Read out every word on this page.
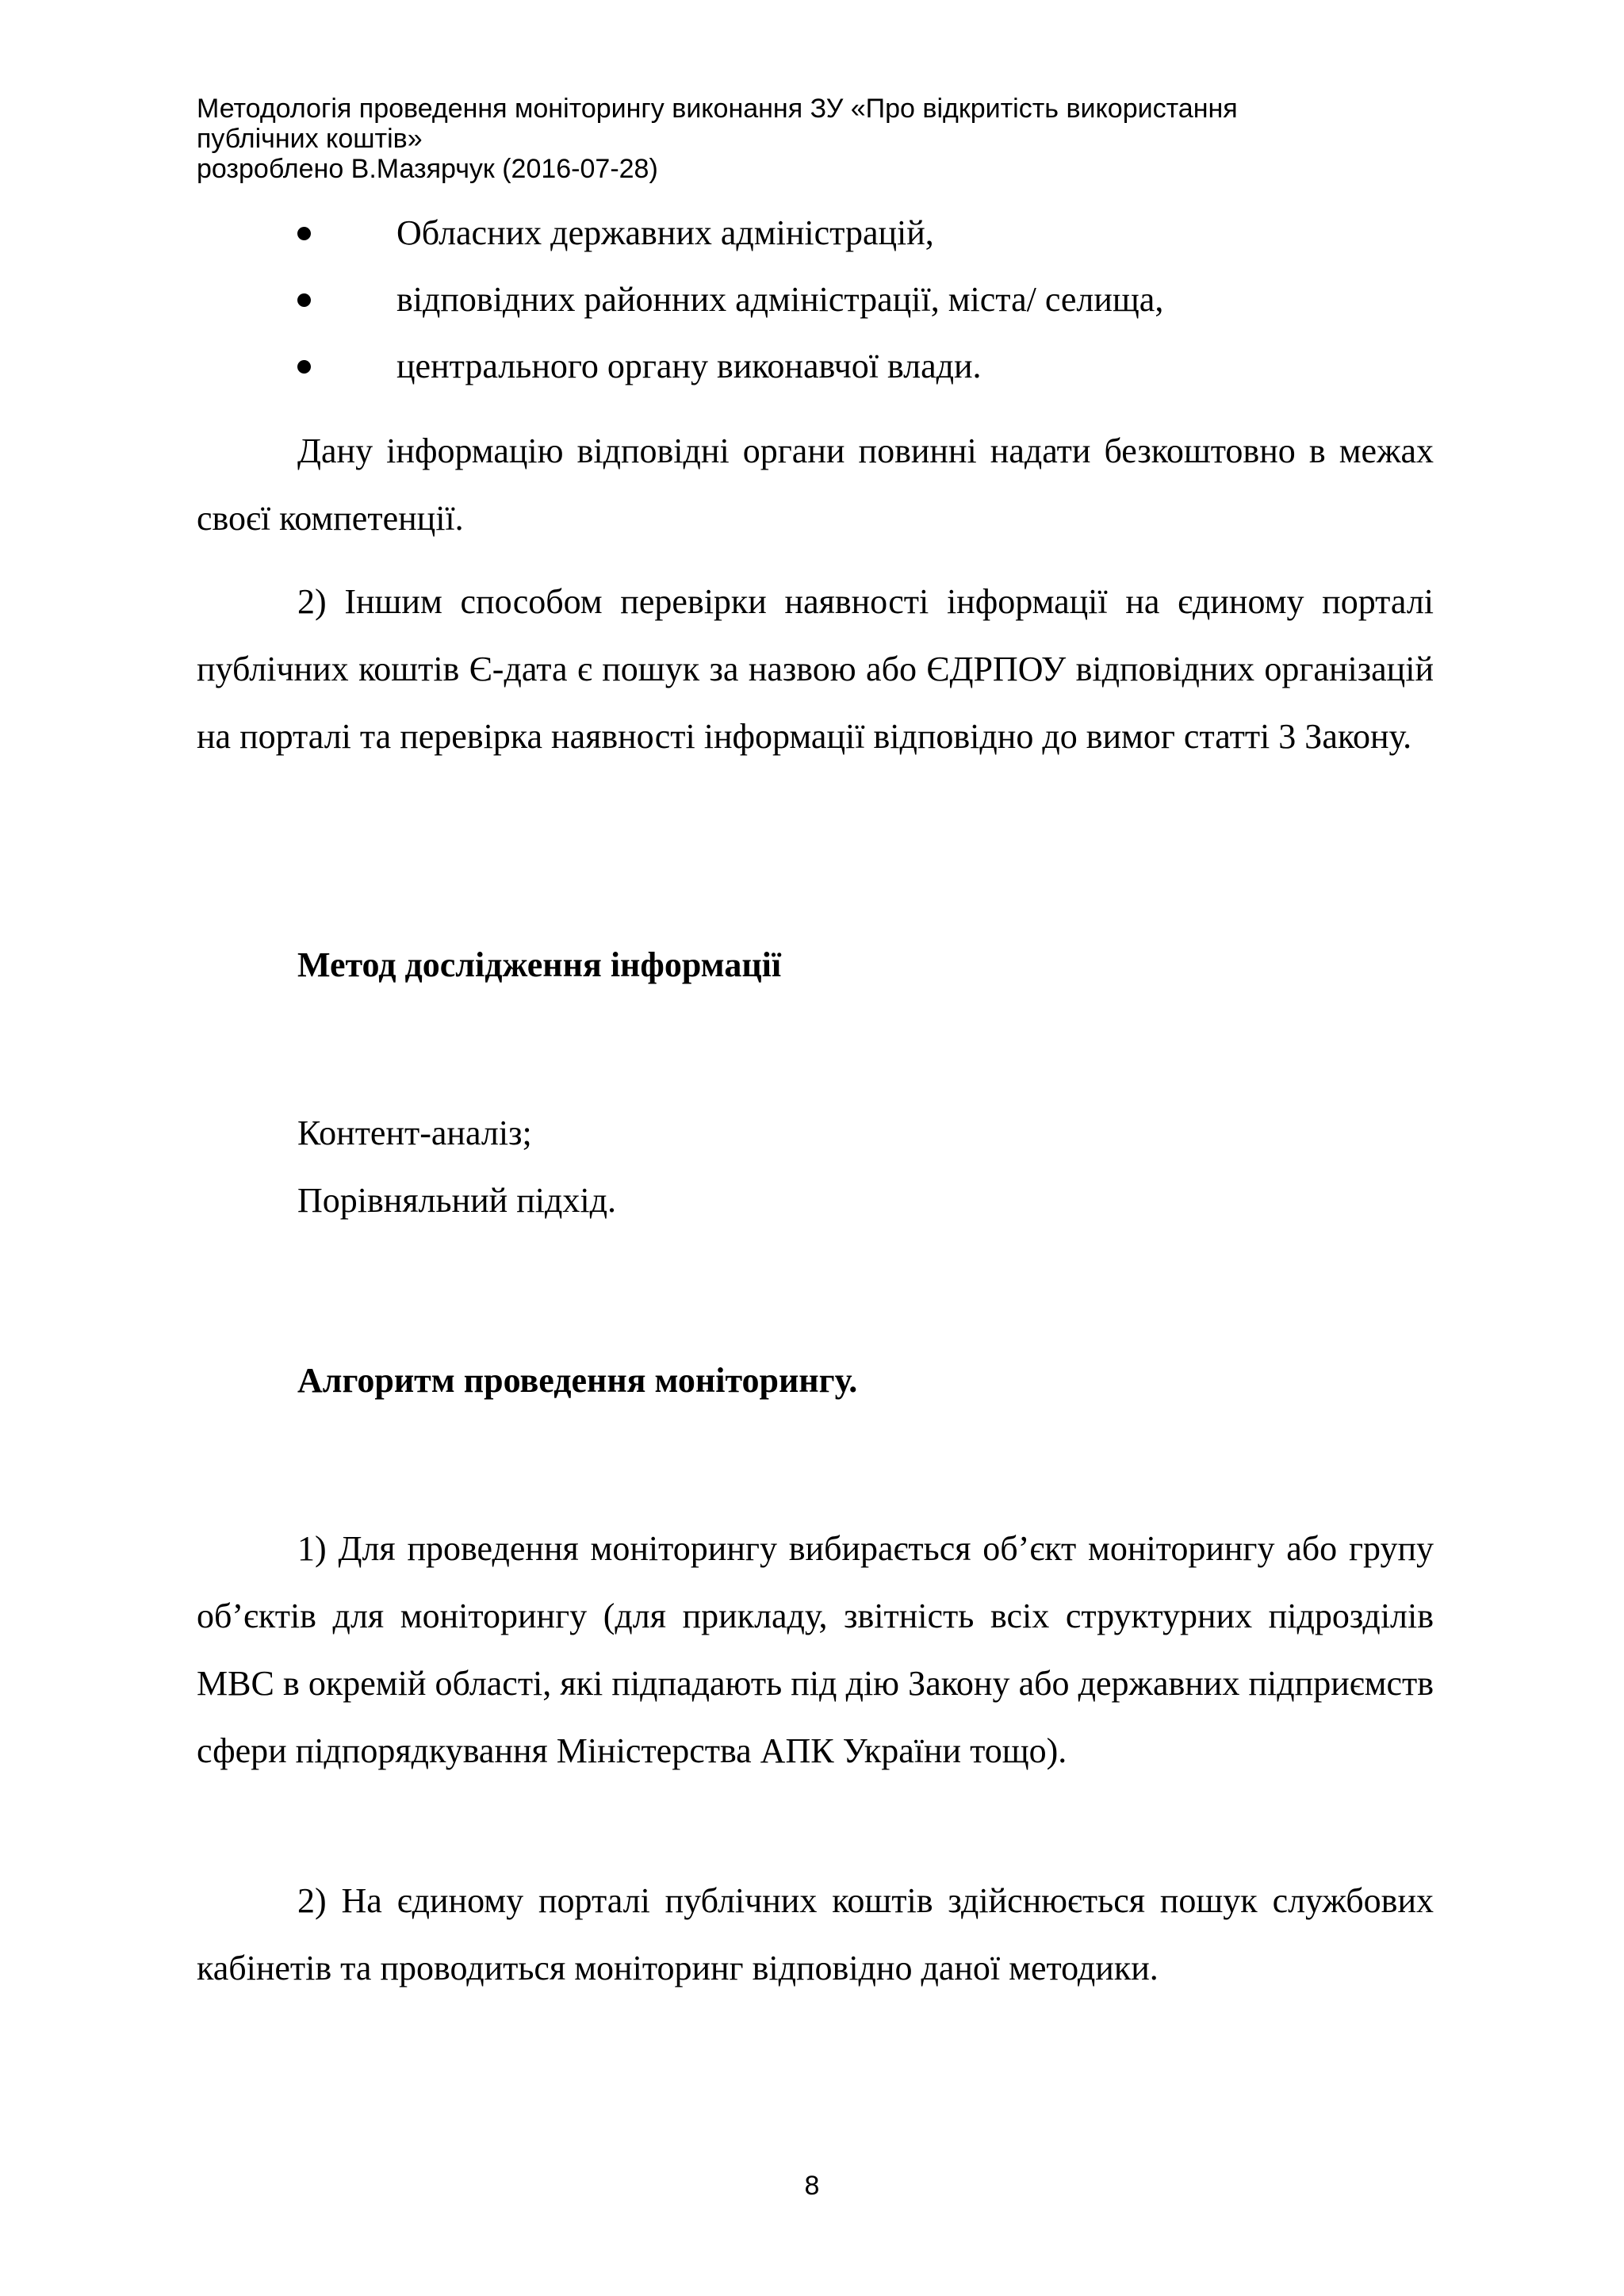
Методологія проведення моніторингу виконання ЗУ «Про відкритість використання
публічних коштів»
розроблено В.Мазярчук (2016-07-28)
Обласних державних адміністрацій,
відповідних районних адміністрації, міста/ селища,
центрального органу виконавчої влади.

Дану інформацію відповідні органи повинні надати безкоштовно в межах своєї компетенції.

2) Іншим способом перевірки наявності інформації на єдиному порталі публічних коштів Є-дата є пошук за назвою або ЄДРПОУ відповідних організацій на порталі та перевірка наявності інформації відповідно до вимог статті 3 Закону.

Метод дослідження інформації

Контент-аналіз;

Порівняльний підхід.

Алгоритм проведення моніторингу.

1) Для проведення моніторингу вибирається об’єкт моніторингу або групу об’єктів для моніторингу (для прикладу, звітність всіх структурних підрозділів МВС в окремій області, які підпадають під дію Закону або державних підприємств сфери підпорядкування Міністерства АПК України тощо).

2) На єдиному порталі публічних коштів здійснюється пошук службових кабінетів та проводиться моніторинг відповідно даної методики.

8
